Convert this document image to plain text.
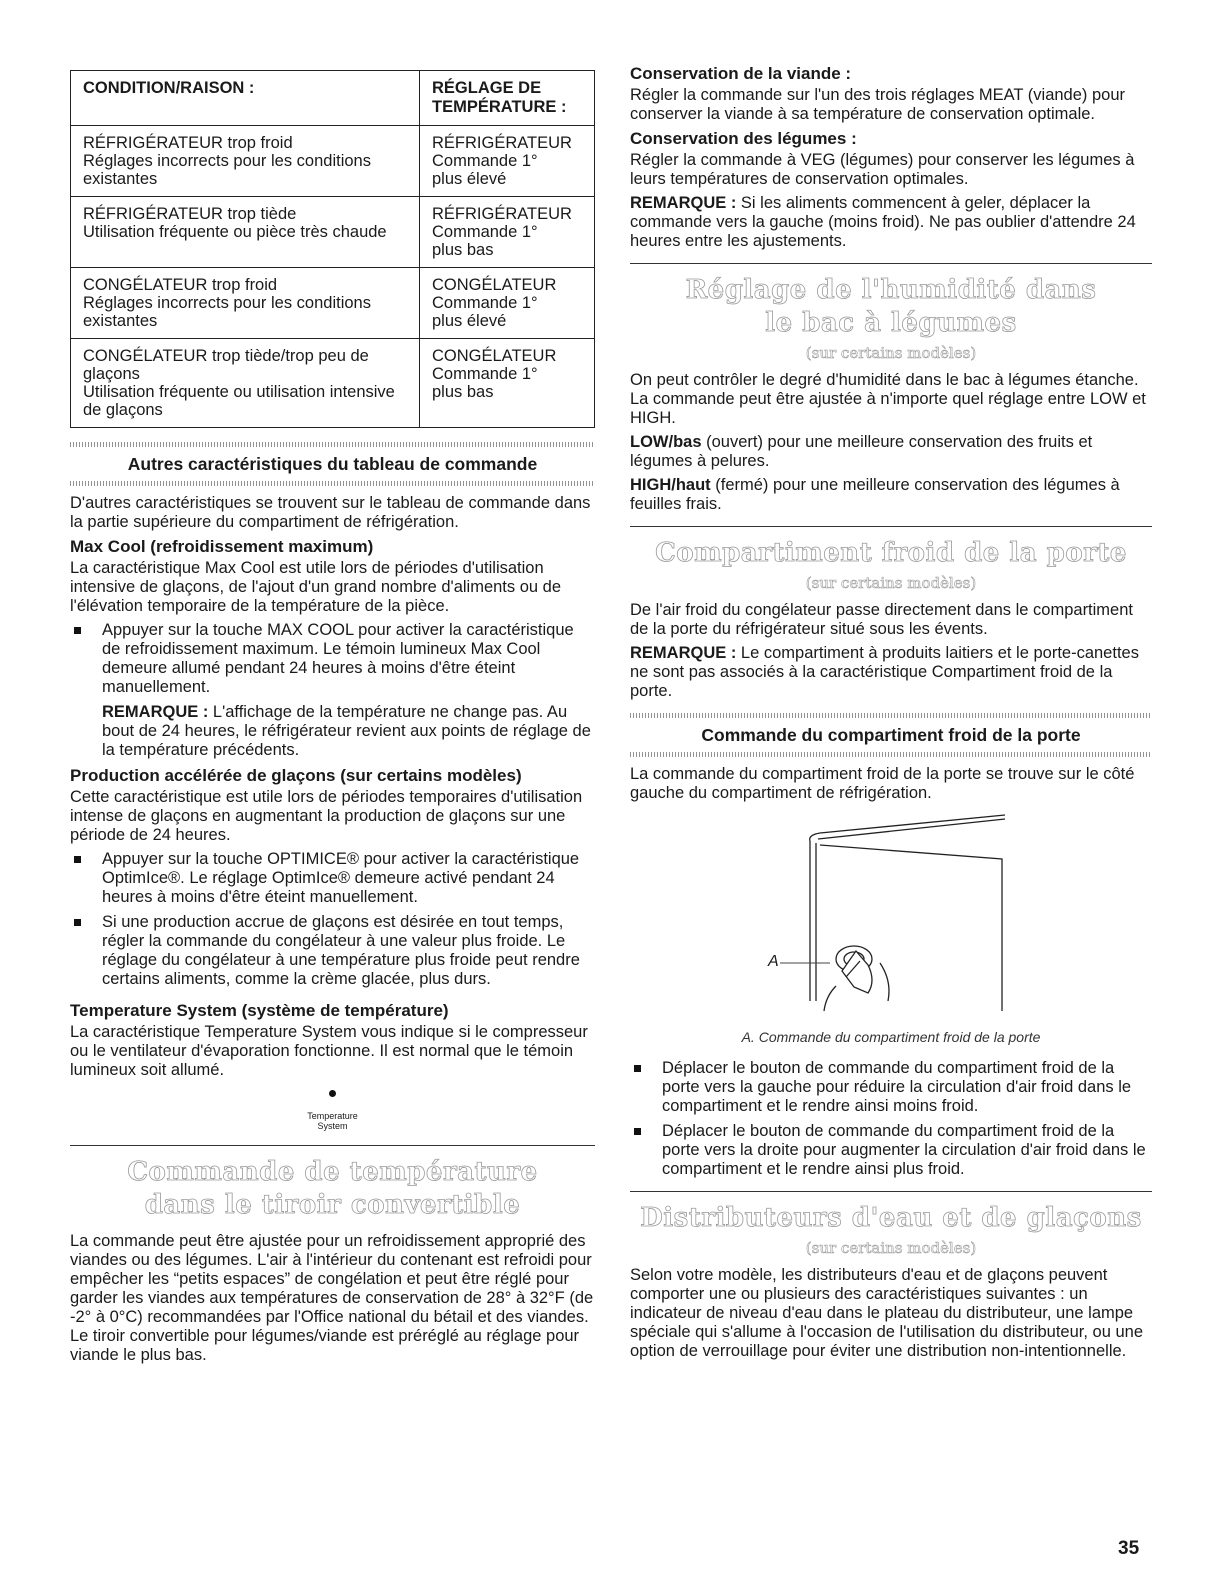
CONDITION/RAISON :	RÉGLAGE DE TEMPÉRATURE :

RÉFRIGÉRATEUR trop froid
Réglages incorrects pour les conditions existantes	RÉFRIGÉRATEUR
Commande 1°
plus élevé

RÉFRIGÉRATEUR trop tiède
Utilisation fréquente ou pièce très chaude	RÉFRIGÉRATEUR
Commande 1°
plus bas

CONGÉLATEUR trop froid
Réglages incorrects pour les conditions existantes	CONGÉLATEUR
Commande 1°
plus élevé

CONGÉLATEUR trop tiède/trop peu de glaçons
Utilisation fréquente ou utilisation intensive de glaçons	CONGÉLATEUR
Commande 1°
plus bas
Autres caractéristiques du tableau de commande

D'autres caractéristiques se trouvent sur le tableau de commande dans la partie supérieure du compartiment de réfrigération.

Max Cool (refroidissement maximum)

La caractéristique Max Cool est utile lors de périodes d'utilisation intensive de glaçons, de l'ajout d'un grand nombre d'aliments ou de l'élévation temporaire de la température de la pièce.

Appuyer sur la touche MAX COOL pour activer la caractéristique de refroidissement maximum. Le témoin lumineux Max Cool demeure allumé pendant 24 heures à moins d'être éteint manuellement.

REMARQUE : L'affichage de la température ne change pas. Au bout de 24 heures, le réfrigérateur revient aux points de réglage de la température précédents.

Production accélérée de glaçons (sur certains modèles)

Cette caractéristique est utile lors de périodes temporaires d'utilisation intense de glaçons en augmentant la production de glaçons sur une période de 24 heures.

Appuyer sur la touche OPTIMICE® pour activer la caractéristique OptimIce®. Le réglage OptimIce® demeure activé pendant 24 heures à moins d'être éteint manuellement.
Si une production accrue de glaçons est désirée en tout temps, régler la commande du congélateur à une valeur plus froide. Le réglage du congélateur à une température plus froide peut rendre certains aliments, comme la crème glacée, plus durs.
Temperature System (système de température)

La caractéristique Temperature System vous indique si le compresseur ou le ventilateur d'évaporation fonctionne. Il est normal que le témoin lumineux soit allumé.

Temperature
System
Commande de température dans le tiroir convertible

La commande peut être ajustée pour un refroidissement approprié des viandes ou des légumes. L'air à l'intérieur du contenant est refroidi pour empêcher les “petits espaces” de congélation et peut être réglé pour garder les viandes aux températures de conservation de 28° à 32°F (de -2° à 0°C) recommandées par l'Office national du bétail et des viandes. Le tiroir convertible pour légumes/viande est préréglé au réglage pour viande le plus bas.

Conservation de la viande :

Régler la commande sur l'un des trois réglages MEAT (viande) pour conserver la viande à sa température de conservation optimale.

Conservation des légumes :

Régler la commande à VEG (légumes) pour conserver les légumes à leurs températures de conservation optimales.

REMARQUE : Si les aliments commencent à geler, déplacer la commande vers la gauche (moins froid). Ne pas oublier d'attendre 24 heures entre les ajustements.

Réglage de l'humidité dans le bac à légumes
(sur certains modèles)

On peut contrôler le degré d'humidité dans le bac à légumes étanche. La commande peut être ajustée à n'importe quel réglage entre LOW et HIGH.

LOW/bas (ouvert) pour une meilleure conservation des fruits et légumes à pelures.

HIGH/haut (fermé) pour une meilleure conservation des légumes à feuilles frais.

Compartiment froid de la porte
(sur certains modèles)

De l'air froid du congélateur passe directement dans le compartiment de la porte du réfrigérateur situé sous les évents.

REMARQUE : Le compartiment à produits laitiers et le porte-canettes ne sont pas associés à la caractéristique Compartiment froid de la porte.

Commande du compartiment froid de la porte

La commande du compartiment froid de la porte se trouve sur le côté gauche du compartiment de réfrigération.

A
A. Commande du compartiment froid de la porte
Déplacer le bouton de commande du compartiment froid de la porte vers la gauche pour réduire la circulation d'air froid dans le compartiment et le rendre ainsi moins froid.
Déplacer le bouton de commande du compartiment froid de la porte vers la droite pour augmenter la circulation d'air froid dans le compartiment et le rendre ainsi plus froid.
Distributeurs d'eau et de glaçons
(sur certains modèles)

Selon votre modèle, les distributeurs d'eau et de glaçons peuvent comporter une ou plusieurs des caractéristiques suivantes : un indicateur de niveau d'eau dans le plateau du distributeur, une lampe spéciale qui s'allume à l'occasion de l'utilisation du distributeur, ou une option de verrouillage pour éviter une distribution non-intentionnelle.

35
